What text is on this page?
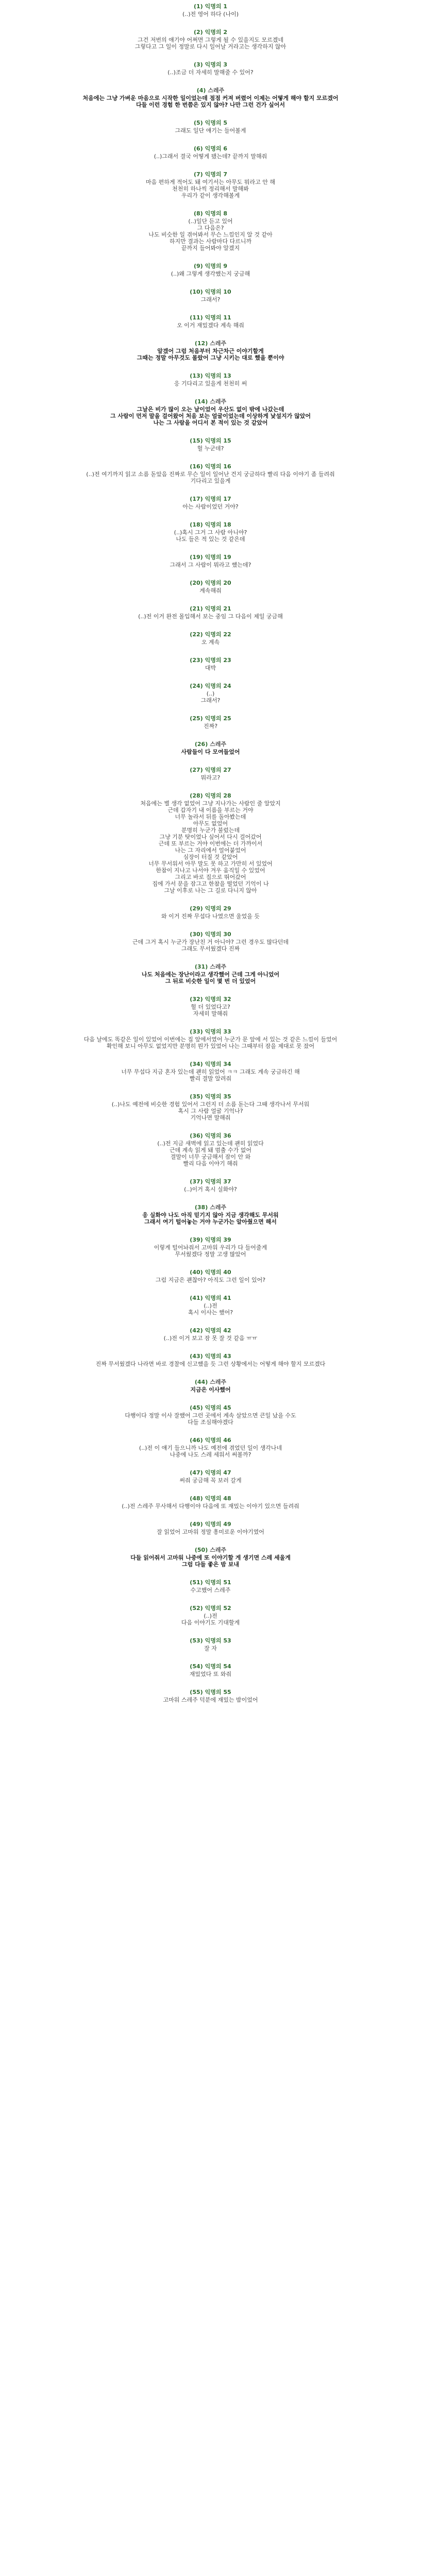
(1) 익명의 1
(..)전 영어 하다 (나이)
(2) 익명의 2
그건 저번의 얘기야 어쩌면 그렇게 될 수 있을지도 모르겠네
그렇다고 그 일이 정말로 다시 일어날 거라고는 생각하지 않아
(3) 익명의 3
(..)조금 더 자세히 말해줄 수 있어?
(4) 스레주
처음에는 그냥 가벼운 마음으로 시작한 일이었는데 점점 커져 버렸어 이제는 어떻게 해야 할지 모르겠어
다들 이런 경험 한 번쯤은 있지 않아? 나만 그런 건가 싶어서
(5) 익명의 5
그래도 일단 얘기는 들어볼게
(6) 익명의 6
(..)그래서 결국 어떻게 됐는데? 끝까지 말해줘
(7) 익명의 7
마음 편하게 적어도 돼 여기서는 아무도 뭐라고 안 해
천천히 하나씩 정리해서 말해봐
우리가 같이 생각해볼게
(8) 익명의 8
(..)일단 듣고 있어
그 다음은?
나도 비슷한 일 겪어봐서 무슨 느낌인지 알 것 같아
하지만 결과는 사람마다 다르니까
끝까지 들어봐야 알겠지
(9) 익명의 9
(..)왜 그렇게 생각했는지 궁금해
(10) 익명의 10
그래서?
(11) 익명의 11
오 이거 재밌겠다 계속 해줘
(12) 스레주
알겠어 그럼 처음부터 차근차근 이야기할게
그때는 정말 아무것도 몰랐어 그냥 시키는 대로 했을 뿐이야
(13) 익명의 13
응 기다리고 있을게 천천히 써
(14) 스레주
그날은 비가 많이 오는 날이었어 우산도 없이 밖에 나갔는데
그 사람이 먼저 말을 걸어왔어 처음 보는 얼굴이었는데 이상하게 낯설지가 않았어
나는 그 사람을 어디서 본 적이 있는 것 같았어
(15) 익명의 15
헐 누군데?
(16) 익명의 16
(..)전 여기까지 읽고 소름 돋았음 진짜로 무슨 일이 일어난 건지 궁금하다 빨리 다음 이야기 좀 들려줘
기다리고 있을게
(17) 익명의 17
아는 사람이었던 거야?
(18) 익명의 18
(..)혹시 그거 그 사람 아니야?
나도 들은 적 있는 것 같은데
(19) 익명의 19
그래서 그 사람이 뭐라고 했는데?
(20) 익명의 20
계속해줘
(21) 익명의 21
(..)전 이거 완전 몰입해서 보는 중임 그 다음이 제일 궁금해
(22) 익명의 22
오 계속
(23) 익명의 23
대박
(24) 익명의 24
(..)
그래서?
(25) 익명의 25
진짜?
(26) 스레주
사람들이 다 모여들었어
(27) 익명의 27
뭐라고?
(28) 익명의 28
처음에는 별 생각 없었어 그냥 지나가는 사람인 줄 알았지
근데 갑자기 내 이름을 부르는 거야
너무 놀라서 뒤를 돌아봤는데
아무도 없었어
분명히 누군가 불렀는데
그냥 기분 탓이었나 싶어서 다시 걸어갔어
근데 또 부르는 거야 이번에는 더 가까이서
나는 그 자리에서 얼어붙었어
심장이 터질 것 같았어
너무 무서워서 아무 말도 못 하고 가만히 서 있었어
한참이 지나고 나서야 겨우 움직일 수 있었어
그리고 바로 집으로 뛰어갔어
집에 가서 문을 잠그고 한참을 떨었던 기억이 나
그날 이후로 나는 그 길로 다니지 않아
(29) 익명의 29
와 이거 진짜 무섭다 나였으면 울었을 듯
(30) 익명의 30
근데 그거 혹시 누군가 장난친 거 아니야? 그런 경우도 많다던데
그래도 무서웠겠다 진짜
(31) 스레주
나도 처음에는 장난이라고 생각했어 근데 그게 아니었어
그 뒤로 비슷한 일이 몇 번 더 있었어
(32) 익명의 32
헐 더 있었다고?
자세히 말해줘
(33) 익명의 33
다음 날에도 똑같은 일이 있었어 이번에는 집 앞에서였어 누군가 문 앞에 서 있는 것 같은 느낌이 들었어
확인해 보니 아무도 없었지만 분명히 뭔가 있었어 나는 그때부터 잠을 제대로 못 잤어
(34) 익명의 34
너무 무섭다 지금 혼자 있는데 괜히 읽었어 ㅋㅋ 그래도 계속 궁금하긴 해
빨리 결말 알려줘
(35) 익명의 35
(..)나도 예전에 비슷한 경험 있어서 그런지 더 소름 돋는다 그때 생각나서 무서워
혹시 그 사람 얼굴 기억나?
기억나면 말해줘
(36) 익명의 36
(..)전 지금 새벽에 읽고 있는데 괜히 읽었다
근데 계속 읽게 돼 멈출 수가 없어
결말이 너무 궁금해서 잠이 안 와
빨리 다음 이야기 해줘
(37) 익명의 37
(..)이거 혹시 실화야?
(38) 스레주
응 실화야 나도 아직 믿기지 않아 지금 생각해도 무서워
그래서 여기 털어놓는 거야 누군가는 알아줬으면 해서
(39) 익명의 39
이렇게 털어놔줘서 고마워 우리가 다 들어줄게
무서웠겠다 정말 고생 많았어
(40) 익명의 40
그럼 지금은 괜찮아? 아직도 그런 일이 있어?
(41) 익명의 41
(..)전
혹시 이사는 했어?
(42) 익명의 42
(..)전 이거 보고 잠 못 잘 것 같음 ㅠㅠ
(43) 익명의 43
진짜 무서웠겠다 나라면 바로 경찰에 신고했을 듯 그런 상황에서는 어떻게 해야 할지 모르겠다
(44) 스레주
지금은 이사했어
(45) 익명의 45
다행이다 정말 이사 잘했어 그런 곳에서 계속 살았으면 큰일 났을 수도
다들 조심해야겠다
(46) 익명의 46
(..)전 이 얘기 들으니까 나도 예전에 겪었던 일이 생각나네
나중에 나도 스레 세워서 써볼까?
(47) 익명의 47
써줘 궁금해 꼭 보러 갈게
(48) 익명의 48
(..)전 스레주 무사해서 다행이야 다음에 또 재밌는 이야기 있으면 들려줘
(49) 익명의 49
잘 읽었어 고마워 정말 흥미로운 이야기였어
(50) 스레주
다들 읽어줘서 고마워 나중에 또 이야기할 게 생기면 스레 세울게
그럼 다들 좋은 밤 보내
(51) 익명의 51
수고했어 스레주
(52) 익명의 52
(..)전
다음 이야기도 기대할게
(53) 익명의 53
잘 자
(54) 익명의 54
재밌었다 또 와줘
(55) 익명의 55
고마워 스레주 덕분에 재밌는 밤이었어
